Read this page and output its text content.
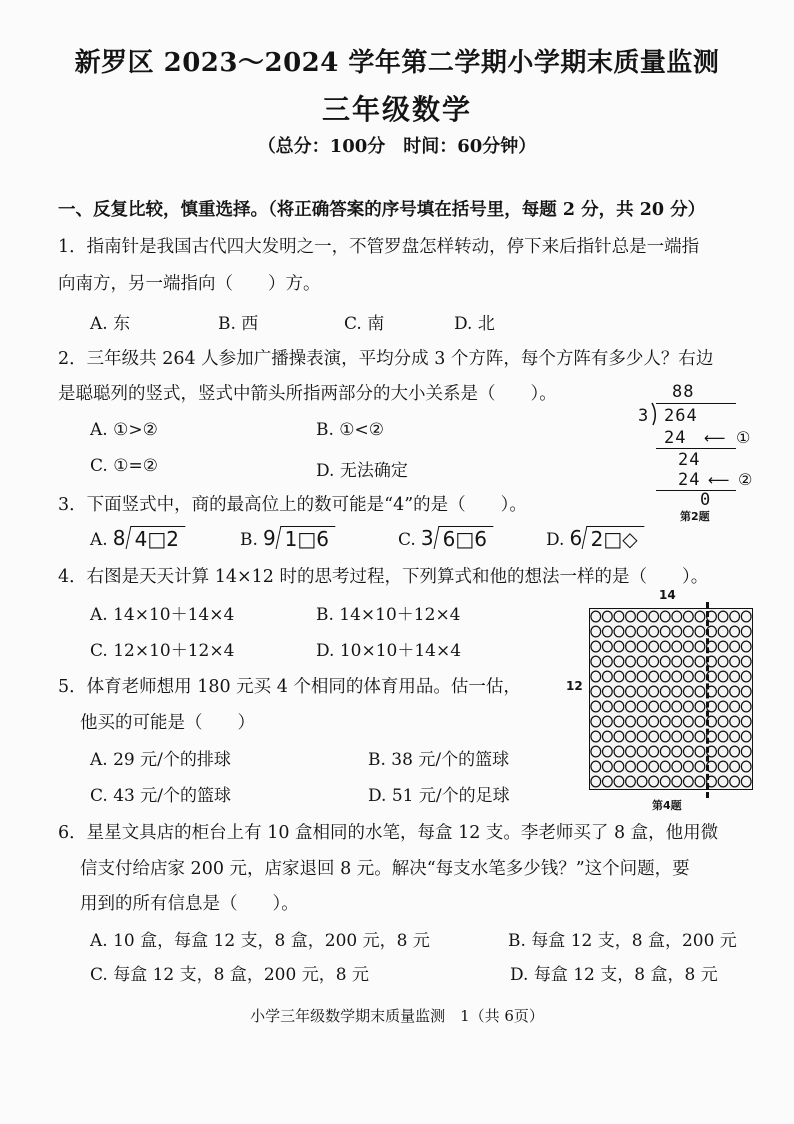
新罗区 2023～2024 学年第二学期小学期末质量监测
三年级数学
（总分：100分　时间：60分钟）
一、反复比较，慎重选择。（将正确答案的序号填在括号里，每题 2 分，共 20 分）
1．指南针是我国古代四大发明之一，不管罗盘怎样转动，停下来后指针总是一端指
向南方，另一端指向（　　）方。
A. 东	B. 西	C. 南	D. 北
2．三年级共 264 人参加广播操表演，平均分成 3 个方阵，每个方阵有多少人？右边
是聪聪列的竖式，竖式中箭头所指两部分的大小关系是（　　）。
A. ①>②	B. ①<②
C. ①=②	D. 无法确定
88
3 264
24 ⟵ ①
24
24 ⟵ ②
0
第2题
3．下面竖式中，商的最高位上的数可能是“4”的是（　　）。
A. 8 4□2	B. 9 1□6	C. 3 6□6	D. 6 2□◇
4．右图是天天计算 14×12 时的思考过程，下列算式和他的想法一样的是（　　）。
A. 14×10＋14×4	B. 14×10＋12×4
C. 12×10＋12×4	D. 10×10＋14×4
14
12
第4题
5．体育老师想用 180 元买 4 个相同的体育用品。估一估，
他买的可能是（　　）
A. 29 元/个的排球	B. 38 元/个的篮球
C. 43 元/个的篮球	D. 51 元/个的足球
6．星星文具店的柜台上有 10 盒相同的水笔，每盒 12 支。李老师买了 8 盒，他用微
信支付给店家 200 元，店家退回 8 元。解决“每支水笔多少钱？”这个问题，要
用到的所有信息是（　　）。
A. 10 盒，每盒 12 支，8 盒，200 元，8 元	B. 每盒 12 支，8 盒，200 元
C. 每盒 12 支，8 盒，200 元，8 元	D. 每盒 12 支，8 盒，8 元
小学三年级数学期末质量监测　1（共 6页）
